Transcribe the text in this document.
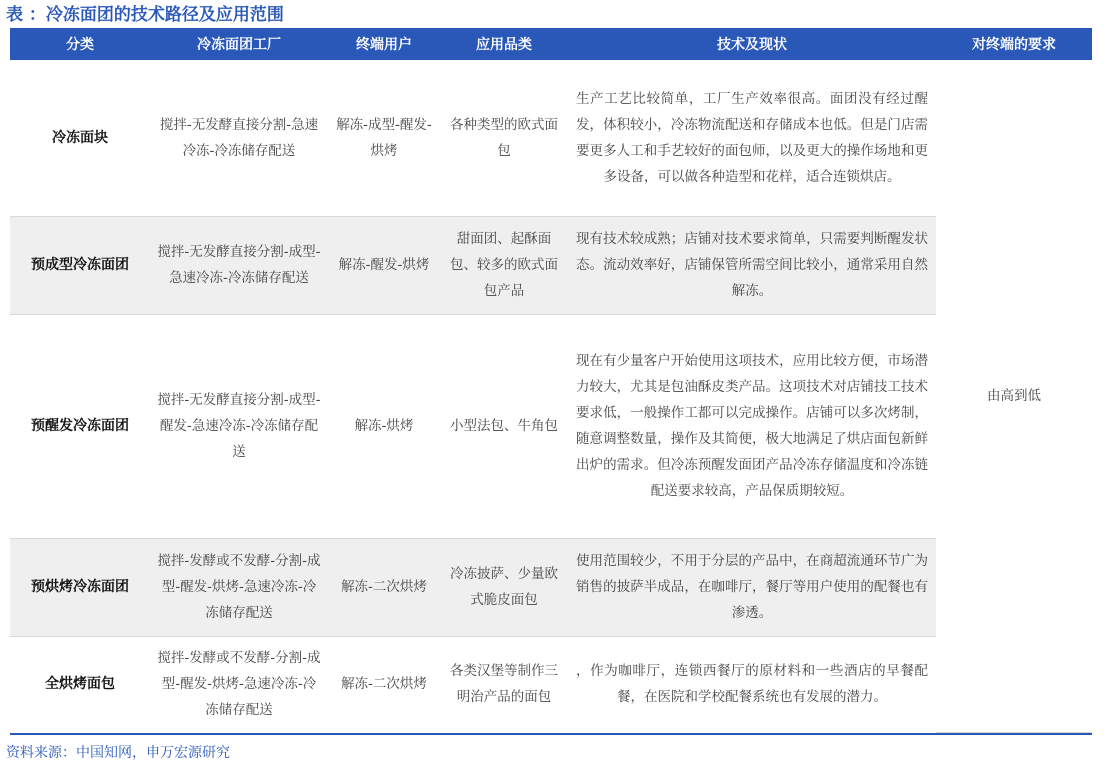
表 ：冷冻面团的技术路径及应用范围
分类	冷冻面团工厂	终端用户	应用品类	技术及现状	对终端的要求
冷冻面块	搅拌-无发酵直接分割-急速冷冻-冷冻储存配送	解冻-成型-醒发-烘烤	各种类型的欧式面包	生产工艺比较简单，工厂生产效率很高。面团没有经过醒发，体积较小，冷冻物流配送和存储成本也低。但是门店需要更多人工和手艺较好的面包师，以及更大的操作场地和更多设备，可以做各种造型和花样，适合连锁烘店。	由高到低
预成型冷冻面团	搅拌-无发酵直接分割-成型-急速冷冻-冷冻储存配送	解冻-醒发-烘烤	甜面团、起酥面包、较多的欧式面包产品	现有技术较成熟；店铺对技术要求简单，只需要判断醒发状态。流动效率好，店铺保管所需空间比较小，通常采用自然解冻。	
预醒发冷冻面团	搅拌-无发酵直接分割-成型-醒发-急速冷冻-冷冻储存配送	解冻-烘烤	小型法包、牛角包	现在有少量客户开始使用这项技术，应用比较方便，市场潜力较大，尤其是包油酥皮类产品。这项技术对店铺技工技术要求低，一般操作工都可以完成操作。店铺可以多次烤制，随意调整数量，操作及其简便，极大地满足了烘店面包新鲜出炉的需求。但冷冻预醒发面团产品冷冻存储温度和冷冻链配送要求较高，产品保质期较短。	
预烘烤冷冻面团	搅拌-发酵或不发酵-分割-成型-醒发-烘烤-急速冷冻-冷冻储存配送	解冻-二次烘烤	冷冻披萨、少量欧式脆皮面包	使用范围较少，不用于分层的产品中，在商超流通环节广为销售的披萨半成品，在咖啡厅，餐厅等用户使用的配餐也有渗透。	
全烘烤面包	搅拌-发酵或不发酵-分割-成型-醒发-烘烤-急速冷冻-冷冻储存配送	解冻-二次烘烤	各类汉堡等制作三明治产品的面包	，作为咖啡厅，连锁西餐厅的原材料和一些酒店的早餐配餐，在医院和学校配餐系统也有发展的潜力。	
资料来源：中国知网，申万宏源研究
